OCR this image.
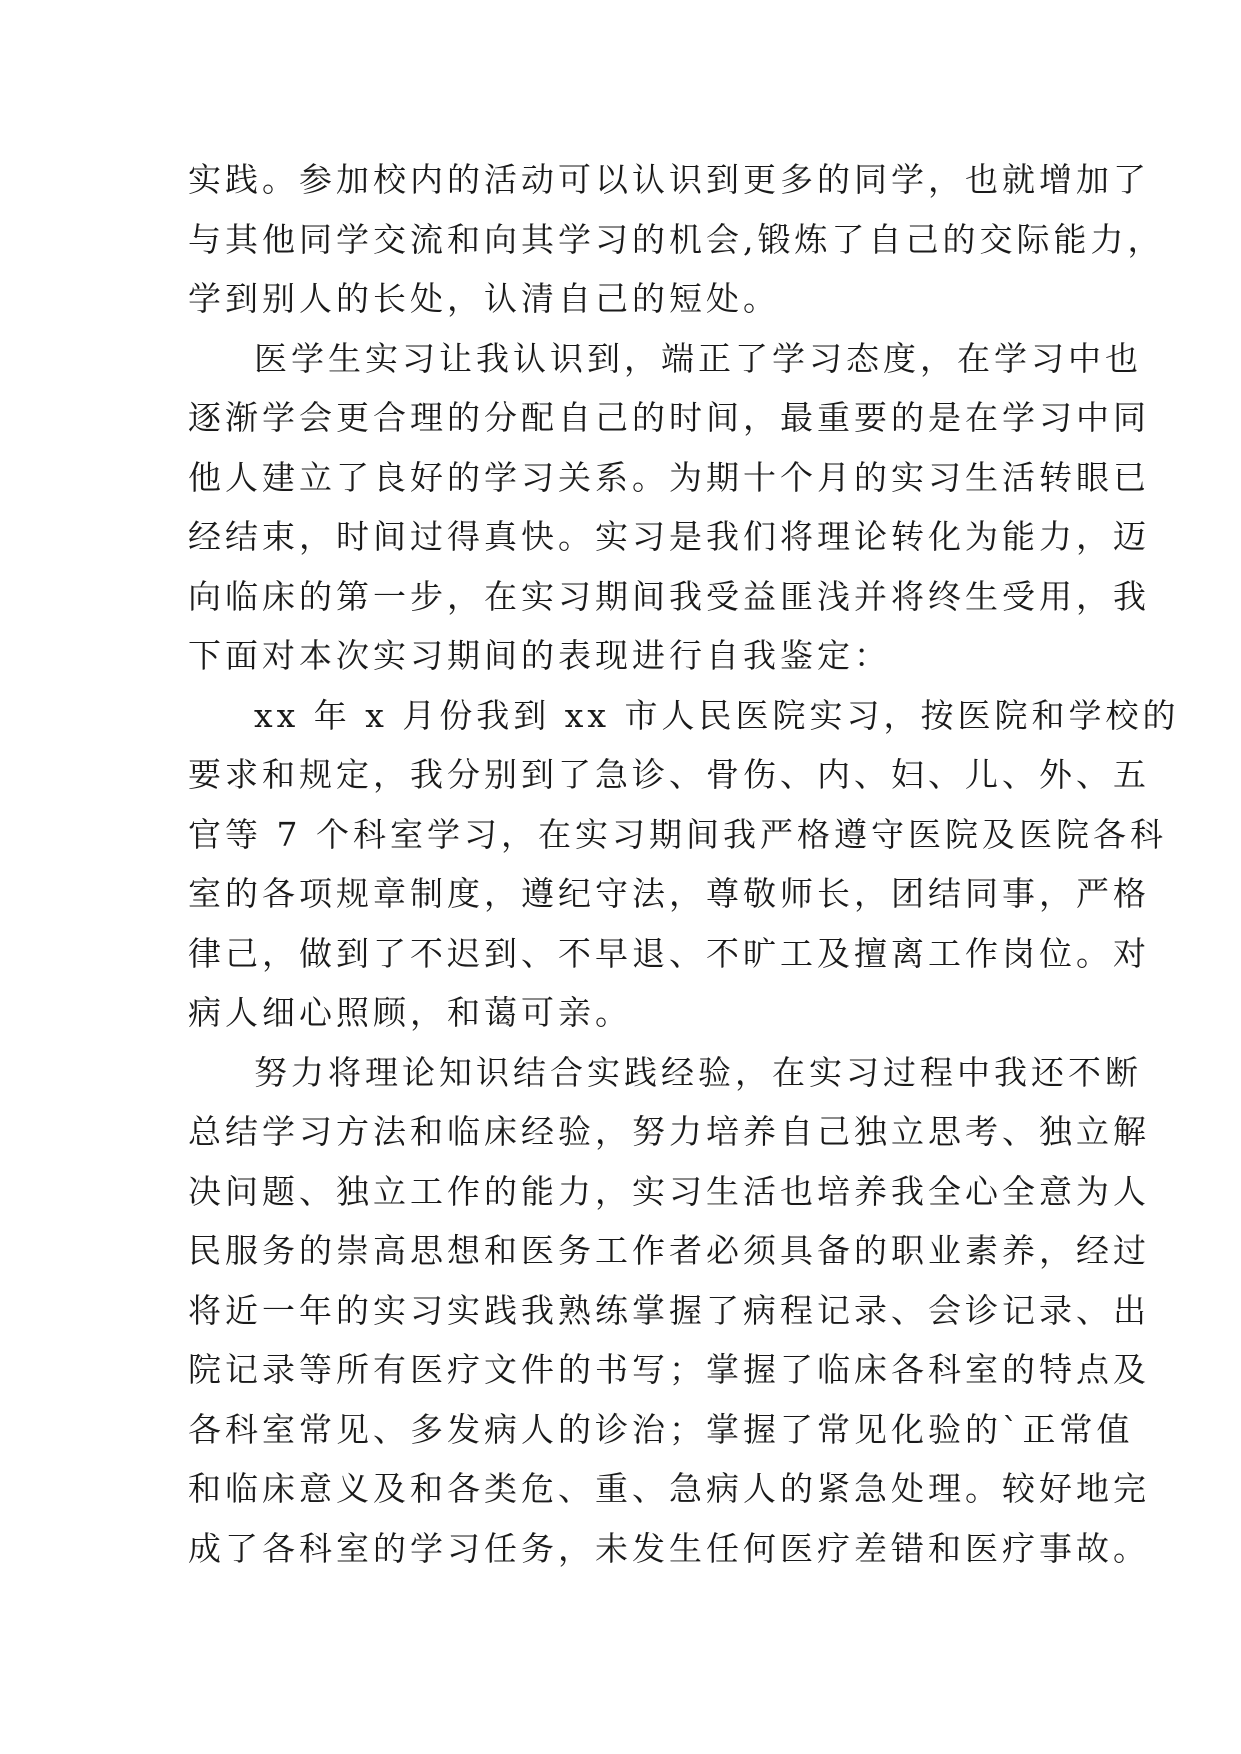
实践。参加校内的活动可以认识到更多的同学，也就增加了
与其他同学交流和向其学习的机会,锻炼了自己的交际能力，
学到别人的长处，认清自己的短处。
医学生实习让我认识到，端正了学习态度，在学习中也
逐渐学会更合理的分配自己的时间，最重要的是在学习中同
他人建立了良好的学习关系。为期十个月的实习生活转眼已
经结束，时间过得真快。实习是我们将理论转化为能力，迈
向临床的第一步，在实习期间我受益匪浅并将终生受用，我
下面对本次实习期间的表现进行自我鉴定：
xx 年 x 月份我到 xx 市人民医院实习，按医院和学校的
要求和规定，我分别到了急诊、骨伤、内、妇、儿、外、五
官等 7 个科室学习，在实习期间我严格遵守医院及医院各科
室的各项规章制度，遵纪守法，尊敬师长，团结同事，严格
律己，做到了不迟到、不早退、不旷工及擅离工作岗位。对
病人细心照顾，和蔼可亲。
努力将理论知识结合实践经验，在实习过程中我还不断
总结学习方法和临床经验，努力培养自己独立思考、独立解
决问题、独立工作的能力，实习生活也培养我全心全意为人
民服务的崇高思想和医务工作者必须具备的职业素养，经过
将近一年的实习实践我熟练掌握了病程记录、会诊记录、出
院记录等所有医疗文件的书写；掌握了临床各科室的特点及
各科室常见、多发病人的诊治；掌握了常见化验的`正常值
和临床意义及和各类危、重、急病人的紧急处理。较好地完
成了各科室的学习任务，未发生任何医疗差错和医疗事故。
